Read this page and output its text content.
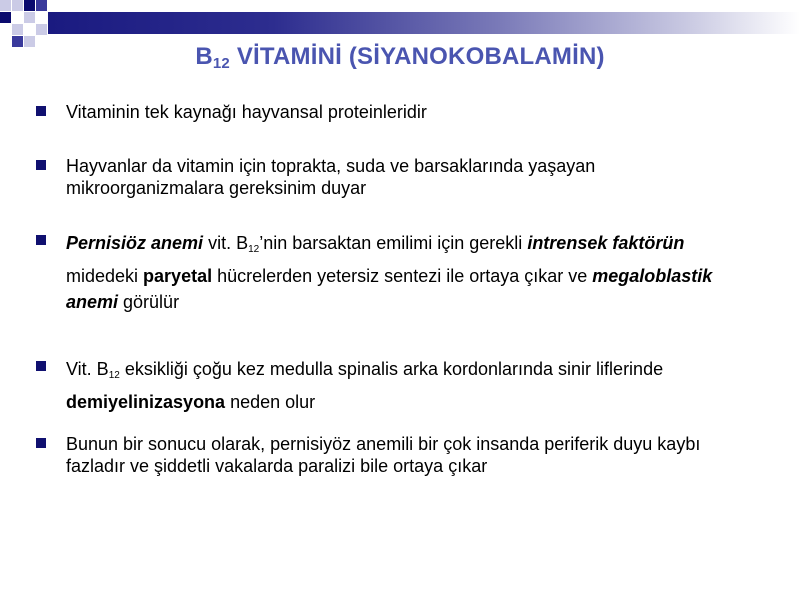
$B_{12}$ VİTAMİNİ (SİYANOKOBALAMİN)
Vitaminin tek kaynağı hayvansal proteinleridir
Hayvanlar da vitamin için toprakta, suda ve barsaklarında yaşayan mikroorganizmalara gereksinim duyar
Pernisiöz anemi vit. $B_{12}’nin$ barsaktan emilimi için gerekli intrensek faktörün midedeki paryetal hücrelerden yetersiz sentezi ile ortaya çıkar ve megaloblastik anemi görülür
Vit. $B_{12}$ eksikliği çoğu kez medulla spinalis arka kordonlarında sinir liflerinde demiyelinizasyona neden olur
Bunun bir sonucu olarak, pernisiyöz anemili bir çok insanda periferik duyu kaybı fazladır ve şiddetli vakalarda paralizi bile ortaya çıkar
